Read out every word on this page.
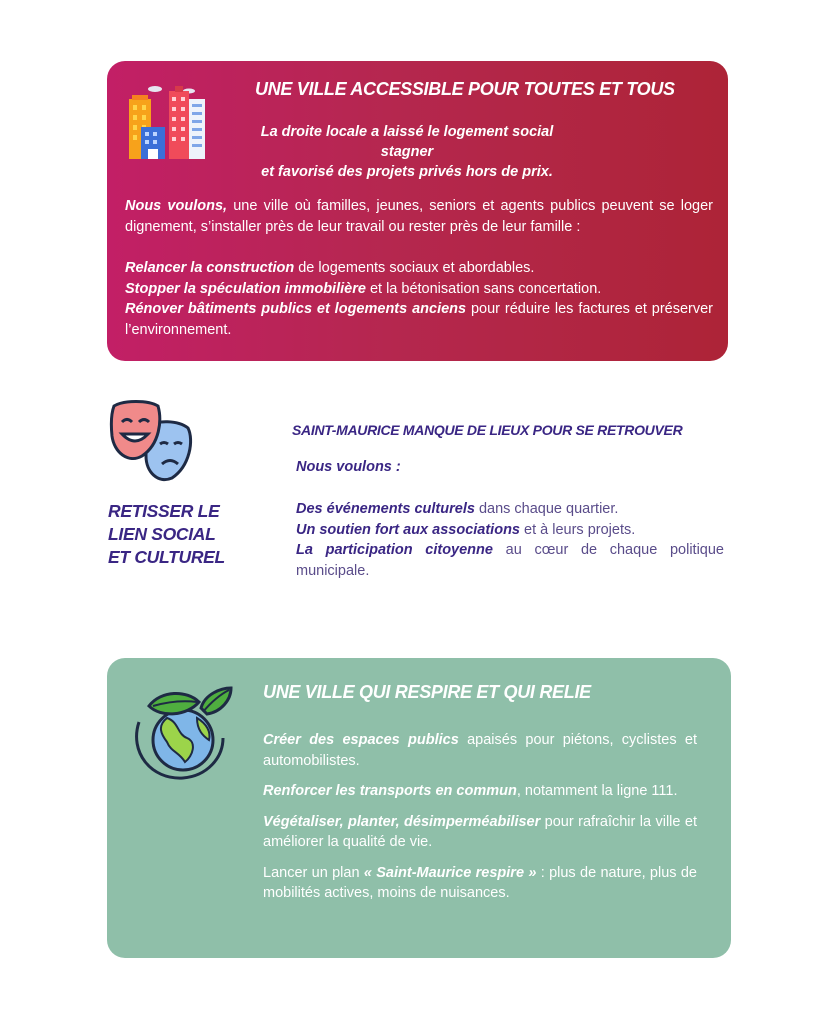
UNE VILLE ACCESSIBLE POUR TOUTES ET TOUS
La droite locale a laissé le logement social stagner
et favorisé des projets privés hors de prix.
Nous voulons, une ville où familles, jeunes, seniors et agents publics peuvent se loger dignement, s’installer près de leur travail ou rester près de leur famille :

Relancer la construction de logements sociaux et abordables.

Stopper la spéculation immobilière et la bétonisation sans concertation.

Rénover bâtiments publics et logements anciens pour réduire les factures et préserver l’environnement.

RETISSER LE
LIEN SOCIAL
ET CULTUREL
SAINT-MAURICE MANQUE DE LIEUX POUR SE RETROUVER
Nous voulons :

Des événements culturels dans chaque quartier.

Un soutien fort aux associations et à leurs projets.

La participation citoyenne au cœur de chaque politique municipale.

UNE VILLE QUI RESPIRE ET QUI RELIE

Créer des espaces publics apaisés pour piétons, cyclistes et automobilistes.

Renforcer les transports en commun, notamment la ligne 111.

Végétaliser, planter, désimperméabiliser pour rafraîchir la ville et améliorer la qualité de vie.

Lancer un plan « Saint-Maurice respire » : plus de nature, plus de mobilités actives, moins de nuisances.
